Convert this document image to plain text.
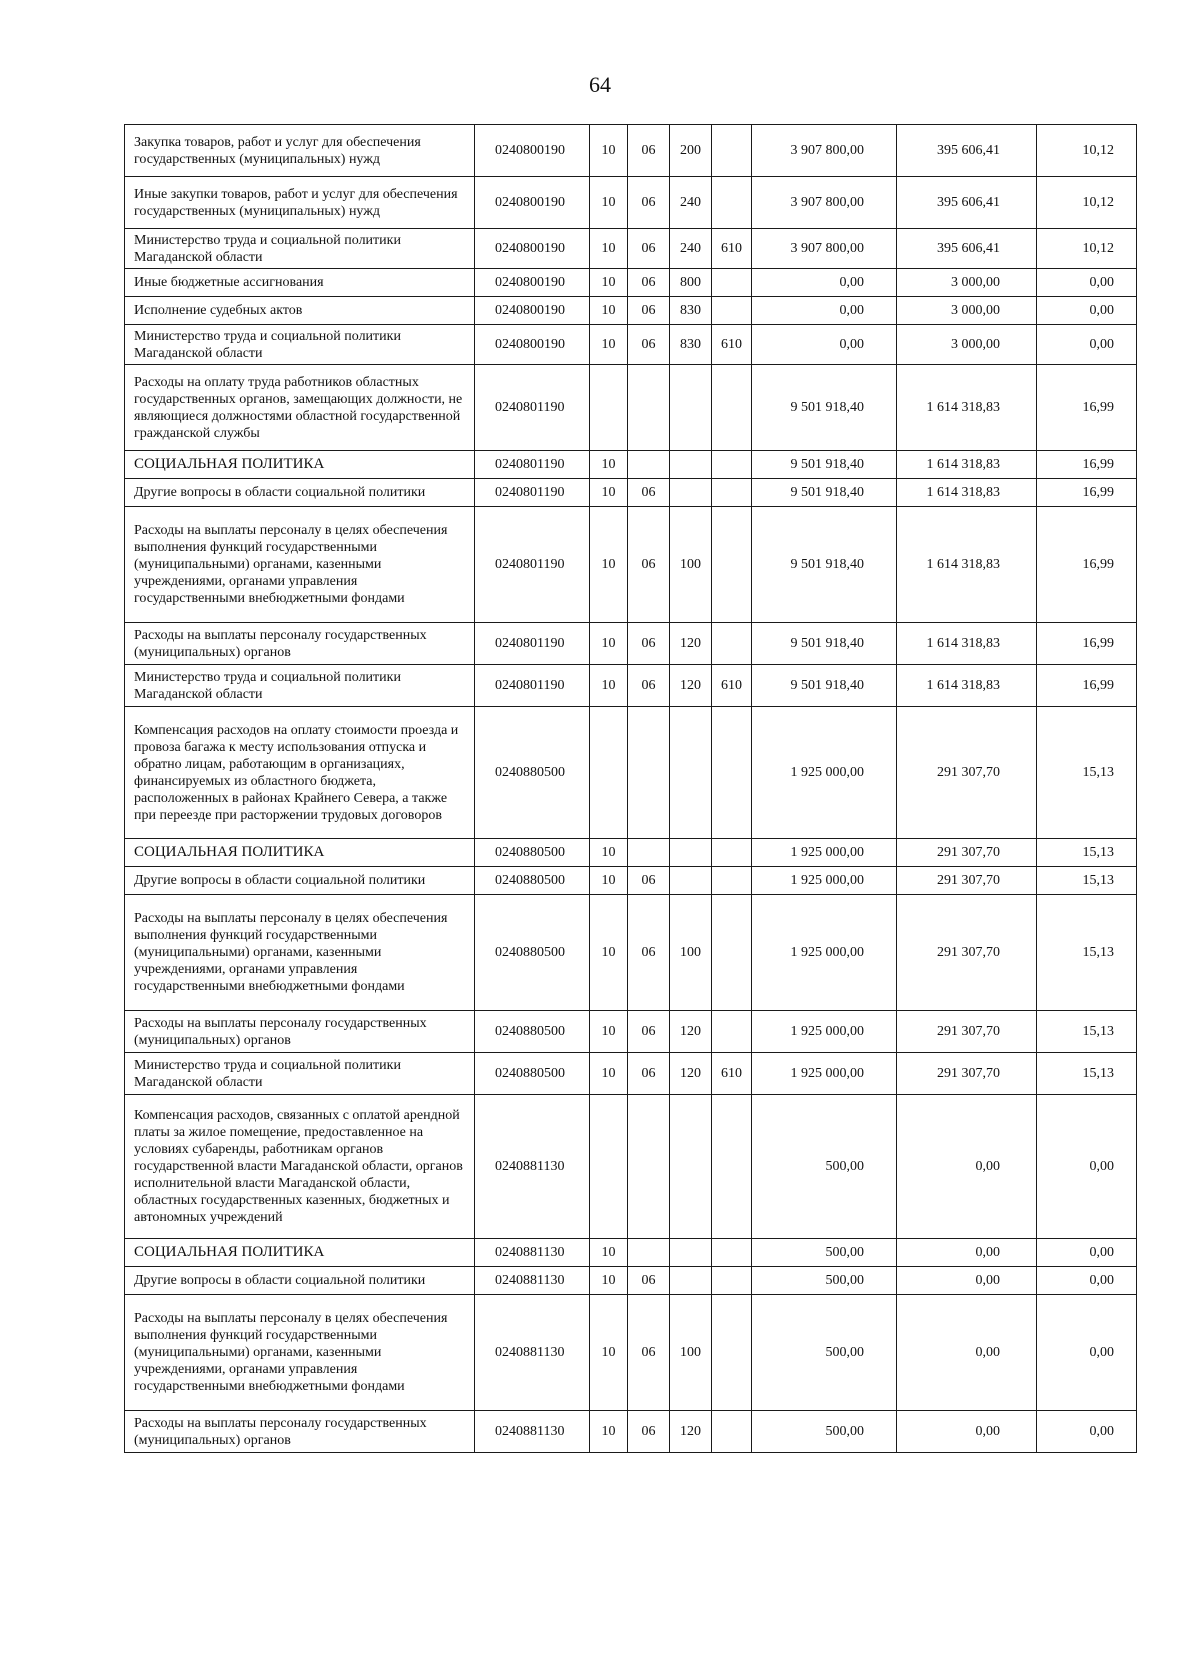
64
Закупка товаров, работ и услуг для обеспечения государственных (муниципальных) нужд	0240800190	10	06	200		3 907 800,00	395 606,41	10,12
Иные закупки товаров, работ и услуг для обеспечения государственных (муниципальных) нужд	0240800190	10	06	240		3 907 800,00	395 606,41	10,12
Министерство труда и социальной политики Магаданской области	0240800190	10	06	240	610	3 907 800,00	395 606,41	10,12
Иные бюджетные ассигнования	0240800190	10	06	800		0,00	3 000,00	0,00
Исполнение судебных актов	0240800190	10	06	830		0,00	3 000,00	0,00
Министерство труда и социальной политики Магаданской области	0240800190	10	06	830	610	0,00	3 000,00	0,00
Расходы на оплату труда работников областных государственных органов, замещающих должности, не являющиеся должностями областной государственной гражданской службы	0240801190					9 501 918,40	1 614 318,83	16,99
СОЦИАЛЬНАЯ ПОЛИТИКА	0240801190	10				9 501 918,40	1 614 318,83	16,99
Другие вопросы в области социальной политики	0240801190	10	06			9 501 918,40	1 614 318,83	16,99
Расходы на выплаты персоналу в целях обеспечения выполнения функций государственными (муниципальными) органами, казенными учреждениями, органами управления государственными внебюджетными фондами	0240801190	10	06	100		9 501 918,40	1 614 318,83	16,99
Расходы на выплаты персоналу государственных (муниципальных) органов	0240801190	10	06	120		9 501 918,40	1 614 318,83	16,99
Министерство труда и социальной политики Магаданской области	0240801190	10	06	120	610	9 501 918,40	1 614 318,83	16,99
Компенсация расходов на оплату стоимости проезда и провоза багажа к месту использования отпуска и обратно лицам, работающим в организациях, финансируемых из областного бюджета, расположенных в районах Крайнего Севера, а также при переезде при расторжении трудовых договоров	0240880500					1 925 000,00	291 307,70	15,13
СОЦИАЛЬНАЯ ПОЛИТИКА	0240880500	10				1 925 000,00	291 307,70	15,13
Другие вопросы в области социальной политики	0240880500	10	06			1 925 000,00	291 307,70	15,13
Расходы на выплаты персоналу в целях обеспечения выполнения функций государственными (муниципальными) органами, казенными учреждениями, органами управления государственными внебюджетными фондами	0240880500	10	06	100		1 925 000,00	291 307,70	15,13
Расходы на выплаты персоналу государственных (муниципальных) органов	0240880500	10	06	120		1 925 000,00	291 307,70	15,13
Министерство труда и социальной политики Магаданской области	0240880500	10	06	120	610	1 925 000,00	291 307,70	15,13
Компенсация расходов, связанных с оплатой арендной платы за жилое помещение, предоставленное на условиях субаренды, работникам органов государственной власти Магаданской области, органов исполнительной власти Магаданской области, областных государственных казенных, бюджетных и автономных учреждений	0240881130					500,00	0,00	0,00
СОЦИАЛЬНАЯ ПОЛИТИКА	0240881130	10				500,00	0,00	0,00
Другие вопросы в области социальной политики	0240881130	10	06			500,00	0,00	0,00
Расходы на выплаты персоналу в целях обеспечения выполнения функций государственными (муниципальными) органами, казенными учреждениями, органами управления государственными внебюджетными фондами	0240881130	10	06	100		500,00	0,00	0,00
Расходы на выплаты персоналу государственных (муниципальных) органов	0240881130	10	06	120		500,00	0,00	0,00
